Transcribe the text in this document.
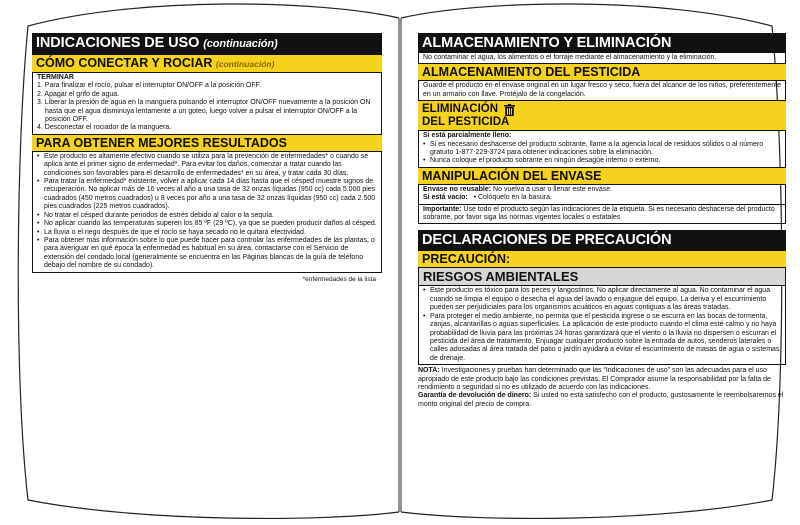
INDICACIONES DE USO (continuación)
CÓMO CONECTAR Y ROCIAR (continuación)

TERMINAR

1. Para finalizar el rocío, pulsar el interruptor ON/OFF a la posición OFF.
2. Apagar el grifo de agua.
3. Liberar la presión de agua en la manguera pulsando el interruptor ON/OFF nuevamente a la posición ON hasta que el agua disminuya lentamente a un goteo, luego volver a pulsar el interruptor ON/OFF a la posición OFF.
4. Desconectar el rociador de la manguera.
PARA OBTENER MEJORES RESULTADOS
• Este producto es altamente efectivo cuando se utiliza para la prevención de enfermedades* o cuando se aplica ante el primer signo de enfermedad*. Para evitar los daños, comenzar a tratar cuando las condiciones son favorables para el desarrollo de enfermedades* en su área, y tratar cada 30 días.
• Para tratar la enfermedad* existente, volver a aplicar cada 14 días hasta que el césped muestre signos de recuperación. No aplicar más de 16 veces al año a una tasa de 32 onzas líquidas (950 cc) cada 5.000 pies cuadrados (450 metros cuadrados) u 8 veces por año a una tasa de 32 onzas líquidas (950 cc) cada 2.500 pies cuadrados (225 metros cuadrados).
• No tratar el césped durante periodos de estrés debido al calor o la sequía.
• No aplicar cuando las temperaturas superen los 85 ºF (29 ºC), ya que se pueden producir daños al césped.
• La lluvia o el riego después de que el rocío se haya secado no le quitará efectividad.
• Para obtener más información sobre lo que puede hacer para controlar las enfermedades de las plantas, o para averiguar en qué época la enfermedad es habitual en su área, contactarse con el Servicio de extensión del condado local (generalmente se encuentra en las Páginas blancas de la guía de teléfono debajo del nombre de su condado).
*enfermedades de la lista
ALMACENAMIENTO Y ELIMINACIÓN
No contaminar el agua, los alimentos o el forraje mediante el almacenamiento y la eliminación.
ALMACENAMIENTO DEL PESTICIDA
Guarde el producto en el envase original en un lugar fresco y seco, fuera del alcance de los niños, preferentemente en un armario con llave. Protéjalo de la congelación.
ELIMINACIÓN
DEL PESTICIDA

Si está parcialmente lleno:

• Si es necesario deshacerse del producto sobrante, llame a la agencia local de residuos sólidos o al número gratuito 1-877-229-3724 para obtener indicaciones sobre la eliminación.
• Nunca coloque el producto sobrante en ningún desagüe interno o externo.
MANIPULACIÓN DEL ENVASE

Envase no reusable: No vuelva a usar o llenar este envase.

Si está vacío: • Colóquelo en la basura.

Importante: Use todo el producto según las indicaciones de la etiqueta. Si es necesario deshacerse del producto sobrante, por favor siga las normas vigentes locales o estatales
DECLARACIONES DE PRECAUCIÓN
PRECAUCIÓN:
RIESGOS AMBIENTALES
• Este producto es tóxico para los peces y langostinos. No aplicar directamente al agua. No contaminar el agua cuando se limpia el equipo o desecha el agua del lavado o enjuague del equipo. La deriva y el escurrimiento pueden ser perjudiciales para los organismos acuáticos en aguas contiguas a las áreas tratadas.
• Para proteger el medio ambiente, no permita que el pesticida ingrese o se escurra en las bocas de tormenta, zanjas, alcantarillas o aguas superficiales. La aplicación de este producto cuando el clima esté calmo y no haya probabilidad de lluvia para las próximas 24 horas garantizará que el viento o la lluvia no dispersen o escurran el pesticida del área de tratamiento. Enjuagar cualquier producto sobre la entrada de autos, senderos laterales o calles adosadas al área tratada del patio o jardín ayudará a evitar el escurrimiento de masas de agua o sistemas de drenaje.

NOTA: Investigaciones y pruebas han determinado que las “Indicaciones de uso” son las adecuadas para el uso apropiado de este producto bajo las condiciones previstas. El Comprador asume la responsabilidad por la falta de rendimiento o seguridad si no es utilizado de acuerdo con las indicaciones.

Garantía de devolución de dinero: Si usted no está satisfecho con el producto, gustosamente le reembolsaremos el monto original del precio de compra.
